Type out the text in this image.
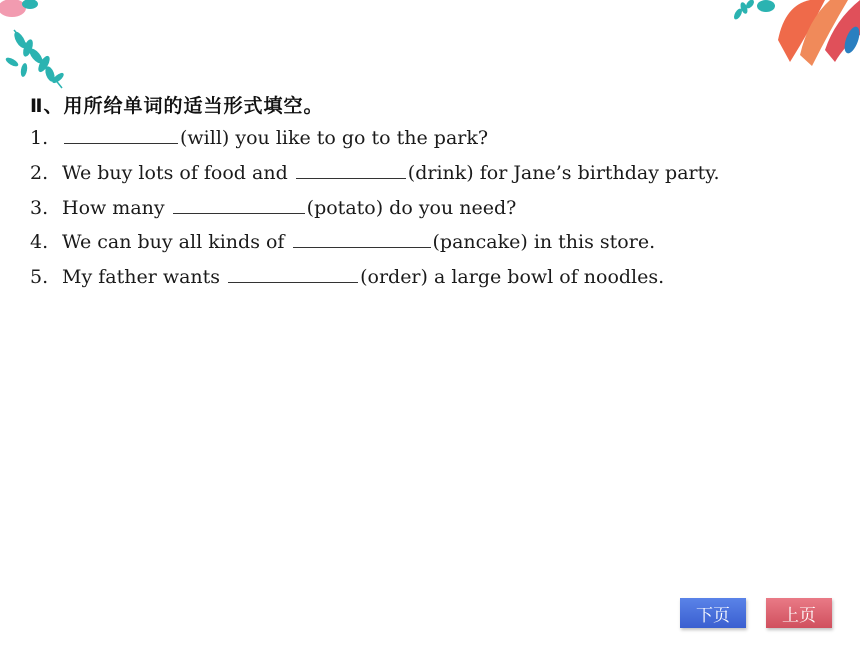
Ⅱ、用所给单词的适当形式填空。
1.	(will) you like to go to the park?
2. We buy lots of food and	(drink) for Jane’s birthday party.
3. How many	(potato) do you need?
4. We can buy all kinds of	(pancake) in this store.
5. My father wants	(order) a large bowl of noodles.
下页	上页
